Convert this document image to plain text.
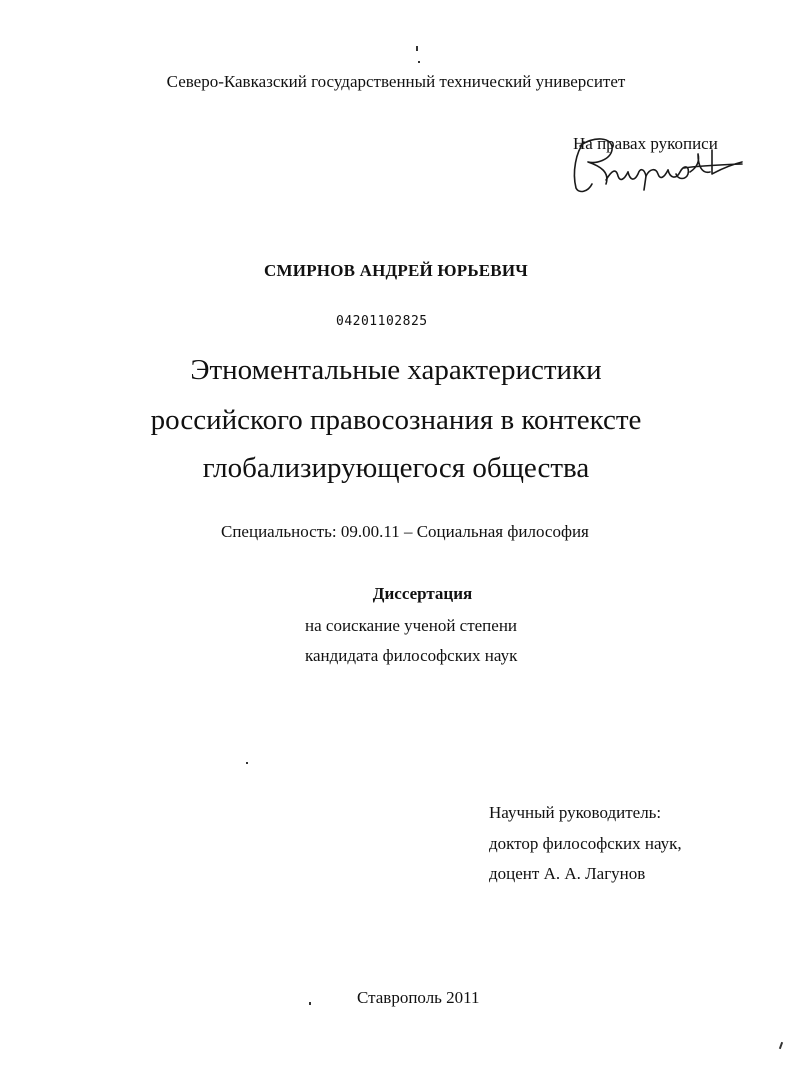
Северо-Кавказский государственный технический университет
На правах рукописи
СМИРНОВ АНДРЕЙ ЮРЬЕВИЧ
04201102825
Этноментальные характеристики
российского правосознания в контексте
глобализирующегося общества
Специальность: 09.00.11 – Социальная философия
Диссертация
на соискание ученой степени
кандидата философских наук
Научный руководитель:
доктор философских наук,
доцент А. А. Лагунов
Ставрополь 2011
